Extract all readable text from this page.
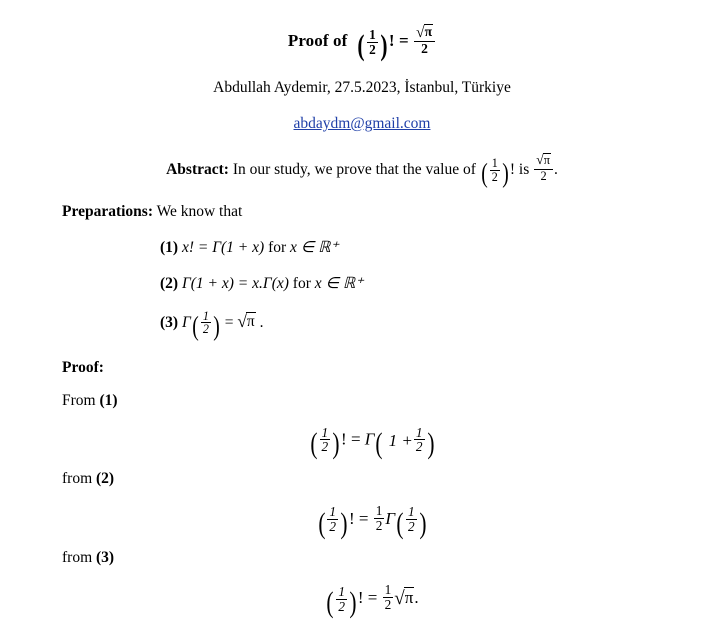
Proof of ( $\frac{1}{2}$ )! = $\frac{√\pi}{2}$
Abdullah Aydemir, 27.5.2023, İstanbul, Türkiye
abdaydm@gmail.com
Abstract: In our study, we prove that the value of ( $\frac{1}{2}$ )! is $\frac{√\pi}{2}$ .
Preparations: We know that
(1) x! = Γ(1 + x) for x ∈ ℝ⁺
(2) Γ(1 + x) = x.Γ(x) for x ∈ ℝ⁺
(3) $\Gamma( \frac{1}{2}$ ) = √π .
Proof:
From (1)
( $\frac{1}{2}$ )! = Γ( $1 + \frac{1}{2}$ )
from (2)
( $\frac{1}{2}$ )! = $\frac{1}{2} \Gamma( \frac{1}{2}$ )
from (3)
( $\frac{1}{2}$ )! = $\frac{1}{2} √\pi$.
